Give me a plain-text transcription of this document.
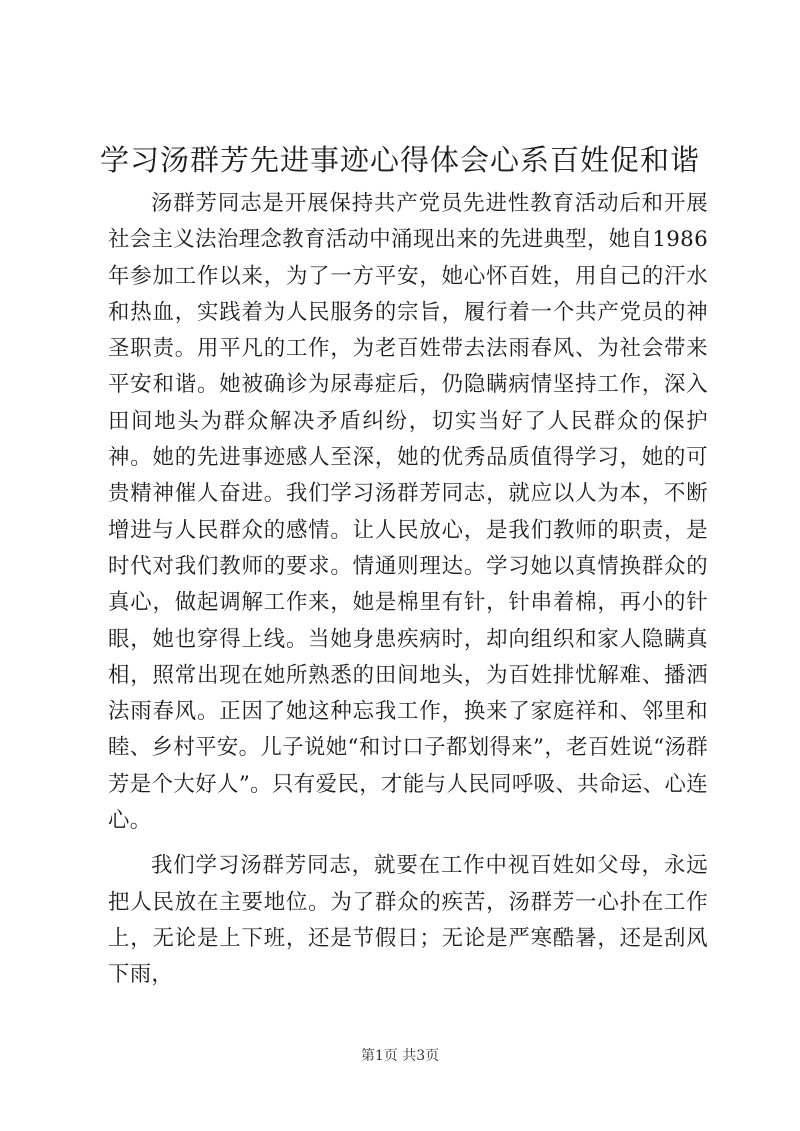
学习汤群芳先进事迹心得体会心系百姓促和谐

汤群芳同志是开展保持共产党员先进性教育活动后和开展社会主义法治理念教育活动中涌现出来的先进典型，她自1986年参加工作以来，为了一方平安，她心怀百姓，用自己的汗水和热血，实践着为人民服务的宗旨，履行着一个共产党员的神圣职责。用平凡的工作，为老百姓带去法雨春风、为社会带来平安和谐。她被确诊为尿毒症后，仍隐瞒病情坚持工作，深入田间地头为群众解决矛盾纠纷，切实当好了人民群众的保护神。她的先进事迹感人至深，她的优秀品质值得学习，她的可贵精神催人奋进。我们学习汤群芳同志，就应以人为本，不断增进与人民群众的感情。让人民放心，是我们教师的职责，是时代对我们教师的要求。情通则理达。学习她以真情换群众的真心，做起调解工作来，她是棉里有针，针串着棉，再小的针眼，她也穿得上线。当她身患疾病时，却向组织和家人隐瞒真相，照常出现在她所熟悉的田间地头，为百姓排忧解难、播洒法雨春风。正因了她这种忘我工作，换来了家庭祥和、邻里和睦、乡村平安。儿子说她“和讨口子都划得来”，老百姓说“汤群芳是个大好人”。只有爱民，才能与人民同呼吸、共命运、心连心。

我们学习汤群芳同志，就要在工作中视百姓如父母，永远把人民放在主要地位。为了群众的疾苦，汤群芳一心扑在工作上，无论是上下班，还是节假日；无论是严寒酷暑，还是刮风下雨，

第1页 共3页
